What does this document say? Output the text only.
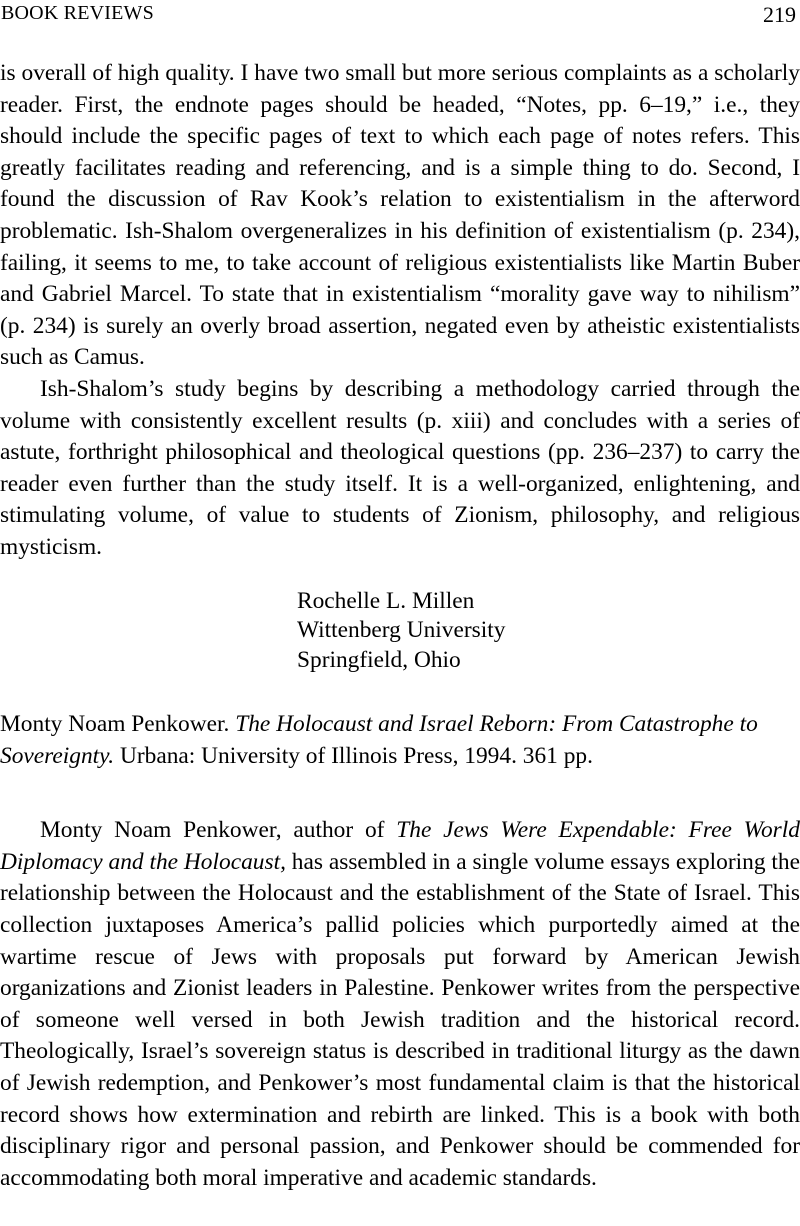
BOOK REVIEWS	219

is overall of high quality. I have two small but more serious complaints as a scholarly reader. First, the endnote pages should be headed, “Notes, pp. 6–19,” i.e., they should include the specific pages of text to which each page of notes refers. This greatly facilitates reading and referencing, and is a simple thing to do. Second, I found the discussion of Rav Kook’s relation to existentialism in the afterword problematic. Ish-Shalom overgeneralizes in his definition of existentialism (p. 234), failing, it seems to me, to take account of religious existentialists like Martin Buber and Gabriel Marcel. To state that in existentialism “morality gave way to nihilism” (p. 234) is surely an overly broad assertion, negated even by atheistic existentialists such as Camus.

Ish-Shalom’s study begins by describing a methodology carried through the volume with consistently excellent results (p. xiii) and concludes with a series of astute, forthright philosophical and theological questions (pp. 236–237) to carry the reader even further than the study itself. It is a well-organized, enlightening, and stimulating volume, of value to students of Zionism, philosophy, and religious mysticism.

Rochelle L. Millen
Wittenberg University
Springfield, Ohio

Monty Noam Penkower. The Holocaust and Israel Reborn: From Catastrophe to Sovereignty. Urbana: University of Illinois Press, 1994. 361 pp.

Monty Noam Penkower, author of The Jews Were Expendable: Free World Diplomacy and the Holocaust, has assembled in a single volume essays exploring the relationship between the Holocaust and the establishment of the State of Israel. This collection juxtaposes America’s pallid policies which purportedly aimed at the wartime rescue of Jews with proposals put forward by American Jewish organizations and Zionist leaders in Palestine. Penkower writes from the perspective of someone well versed in both Jewish tradition and the historical record. Theologically, Israel’s sovereign status is described in traditional liturgy as the dawn of Jewish redemption, and Penkower’s most fundamental claim is that the historical record shows how extermination and rebirth are linked. This is a book with both disciplinary rigor and personal passion, and Penkower should be commended for accommodating both moral imperative and academic standards.
